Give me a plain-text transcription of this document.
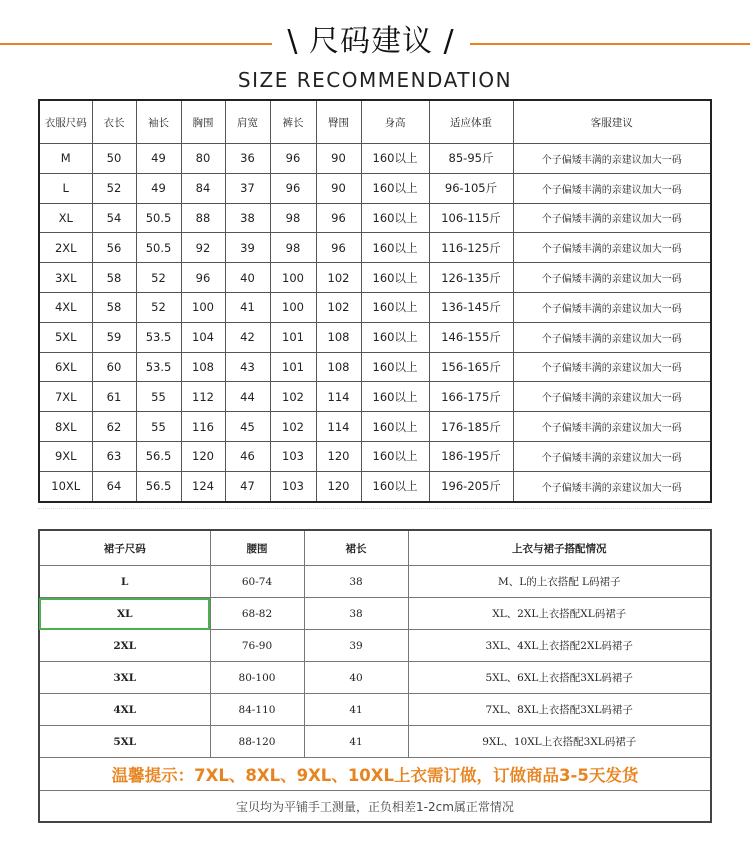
\ 尺码建议 /
SIZE RECOMMENDATION
衣服尺码	衣长	袖长	胸围	肩宽	裤长	臀围	身高	适应体重	客服建议
M	50	49	80	36	96	90	160以上	85-95斤	个子偏矮丰满的亲建议加大一码
L	52	49	84	37	96	90	160以上	96-105斤	个子偏矮丰满的亲建议加大一码
XL	54	50.5	88	38	98	96	160以上	106-115斤	个子偏矮丰满的亲建议加大一码
2XL	56	50.5	92	39	98	96	160以上	116-125斤	个子偏矮丰满的亲建议加大一码
3XL	58	52	96	40	100	102	160以上	126-135斤	个子偏矮丰满的亲建议加大一码
4XL	58	52	100	41	100	102	160以上	136-145斤	个子偏矮丰满的亲建议加大一码
5XL	59	53.5	104	42	101	108	160以上	146-155斤	个子偏矮丰满的亲建议加大一码
6XL	60	53.5	108	43	101	108	160以上	156-165斤	个子偏矮丰满的亲建议加大一码
7XL	61	55	112	44	102	114	160以上	166-175斤	个子偏矮丰满的亲建议加大一码
8XL	62	55	116	45	102	114	160以上	176-185斤	个子偏矮丰满的亲建议加大一码
9XL	63	56.5	120	46	103	120	160以上	186-195斤	个子偏矮丰满的亲建议加大一码
10XL	64	56.5	124	47	103	120	160以上	196-205斤	个子偏矮丰满的亲建议加大一码
裙子尺码	腰围	裙长	上衣与裙子搭配情况
L	60-74	38	M、L的上衣搭配 L码裙子
XL	68-82	38	XL、2XL上衣搭配XL码裙子
2XL	76-90	39	3XL、4XL上衣搭配2XL码裙子
3XL	80-100	40	5XL、6XL上衣搭配3XL码裙子
4XL	84-110	41	7XL、8XL上衣搭配3XL码裙子
5XL	88-120	41	9XL、10XL上衣搭配3XL码裙子
温馨提示：7XL、8XL、9XL、10XL上衣需订做，订做商品3-5天发货			
宝贝均为平铺手工测量，正负相差1-2cm属正常情况			
